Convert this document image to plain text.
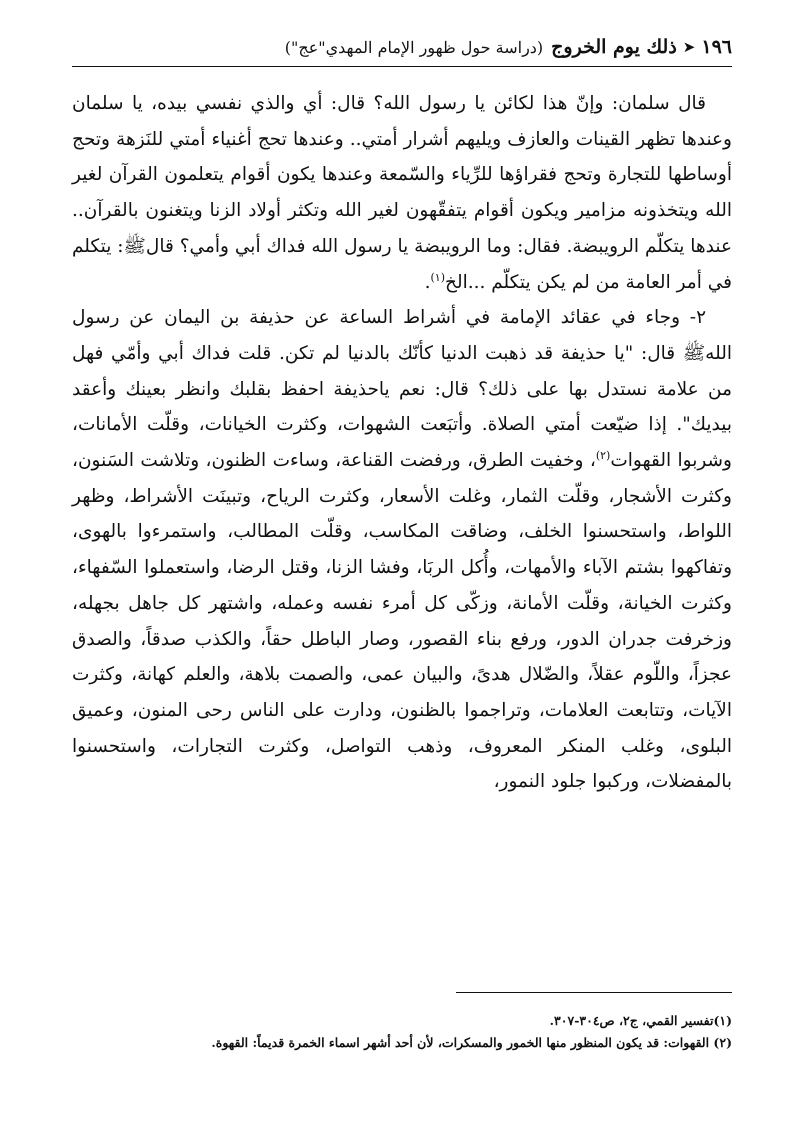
١٩٦
➤
ذلك يوم الخروج
(دراسة حول ظهور الإمام المهدي"عج")

قال سلمان: وإنّ هذا لكائن يا رسول الله؟ قال: أي والذي نفسي بيده، يا سلمان وعندها تظهر القينات والعازف ويليهم أشرار أمتي.. وعندها تحج أغنياء أمتي للنَزهة وتحج أوساطها للتجارة وتحج فقراؤها للرِّياء والسّمعة وعندها يكون أقوام يتعلمون القرآن لغير الله ويتخذونه مزامير ويكون أقوام يتفقّهون لغير الله وتكثر أولاد الزنا ويتغنون بالقرآن.. عندها يتكلّم الرويبضة. فقال: وما الرويبضة يا رسول الله فداك أبي وأمي؟ قالﷺ: يتكلم في أمر العامة من لم يكن يتكلّم ...الخ$^{(١)}$.

٢- وجاء في عقائد الإمامة في أشراط الساعة عن حذيفة بن اليمان عن رسول اللهﷺ قال: "يا حذيفة قد ذهبت الدنيا كأنّك بالدنيا لم تكن. قلت فداك أبي وأمّي فهل من علامة نستدل بها على ذلك؟ قال: نعم ياحذيفة احفظ بقلبك وانظر بعينك وأعقد بيديك". إذا ضيّعت أمتي الصلاة. وأتبَعت الشهوات، وكثرت الخيانات، وقلّت الأمانات، وشربوا القهوات$^{(٢)}$، وخفيت الطرق، ورفضت القناعة، وساءت الظنون، وتلاشت السَنون، وكثرت الأشجار، وقلّت الثمار، وغلت الأسعار، وكثرت الرياح، وتبينَت الأشراط، وظهر اللواط، واستحسنوا الخلف، وضاقت المكاسب، وقلّت المطالب، واستمرءوا بالهوى، وتفاكهوا بشتم الآباء والأمهات، وأُكل الربَا، وفشا الزنا، وقتل الرضا، واستعملوا السّفهاء، وكثرت الخيانة، وقلّت الأمانة، وزكّى كل أمرء نفسه وعمله، واشتهر كل جاهل بجهله، وزخرفت جدران الدور، ورفع بناء القصور، وصار الباطل حقاً، والكذب صدقاً، والصدق عجزاً، واللّوم عقلاً، والضّلال هدىً، والبيان عمى، والصمت بلاهة، والعلم كهانة، وكثرت الآيات، وتتابعت العلامات، وتراجموا بالظنون، ودارت على الناس رحى المنون، وعميق البلوى، وغلب المنكر المعروف، وذهب التواصل، وكثرت التجارات، واستحسنوا بالمفضلات، وركبوا جلود النمور،

(١)تفسير القمي، ج٢، ص٣٠٤-٣٠٧.
(٢) القهوات: قد يكون المنظور منها الخمور والمسكرات، لأن أحد أشهر اسماء الخمرة قديماً: القهوة.
